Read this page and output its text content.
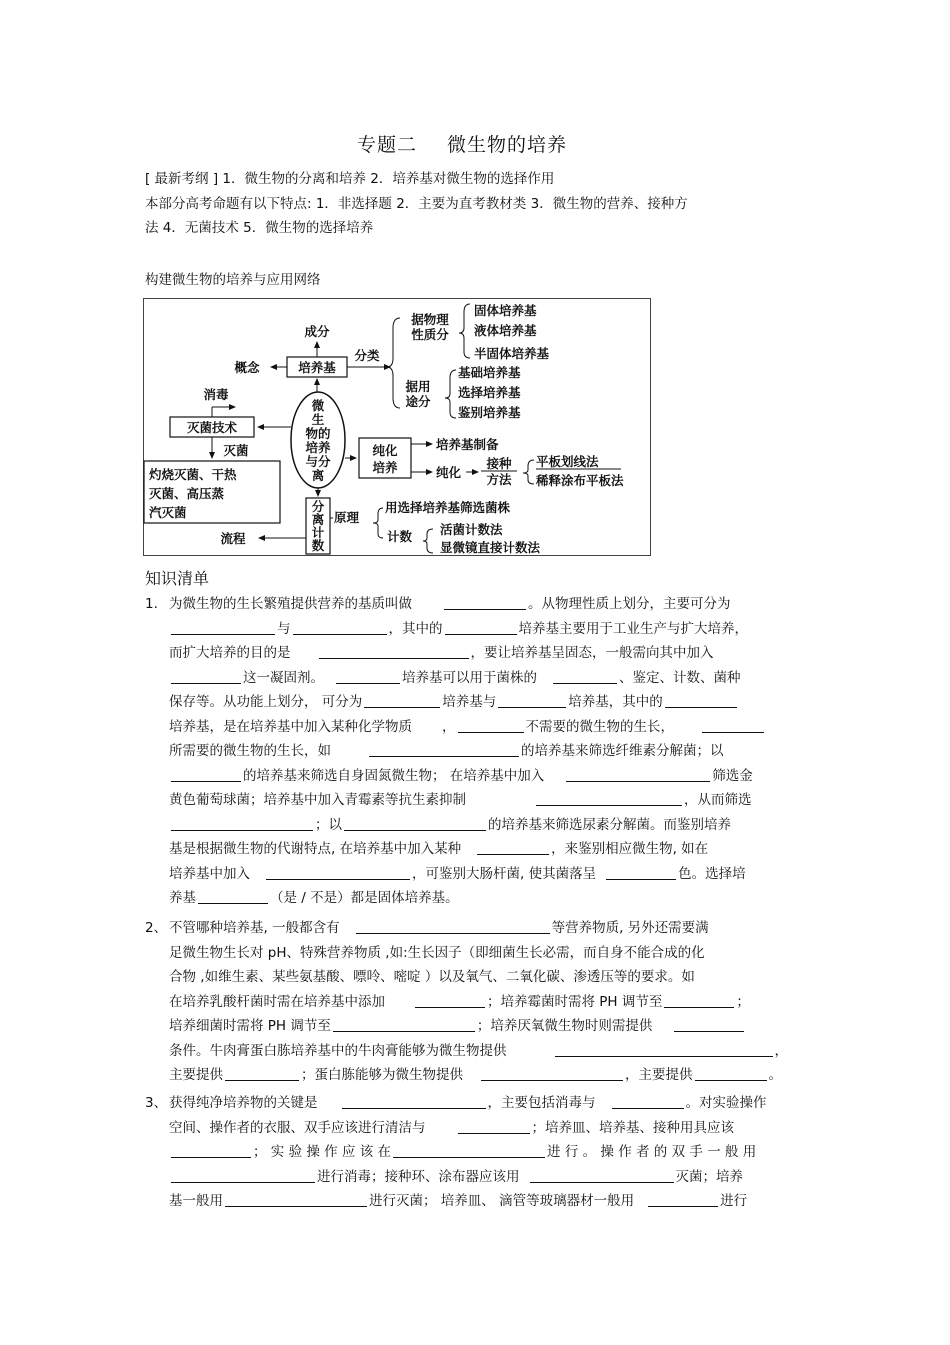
专题二 微生物的培养
[ 最新考纲 ] 1．微生物的分离和培养 2．培养基对微生物的选择作用
本部分高考命题有以下特点: 1．非选择题 2．主要为直考教材类 3．微生物的营养、接种方
法 4．无菌技术 5．微生物的选择培养
构建微生物的培养与应用网络
微
生
物的
培养
与分
离
培养基
成分
概念
分类
据物理
性质分
固体培养基
液体培养基
半固体培养基
据用
途分
基础培养基
选择培养基
鉴别培养基
灭菌技术
消毒
灭菌
灼烧灭菌、干热
灭菌、高压蒸
汽灭菌
纯化
培养
培养基制备
纯化
接种
方法
平板划线法
稀释涂布平板法
分
离
计
数
原理
用选择培养基筛选菌株
计数 活菌计数法
显微镜直接计数法
流程
知识清单
1. 为微生物的生长繁殖提供营养的基质叫做	。从物理性质上划分，主要可分为
与	，其中的	培养基主要用于工业生产与扩大培养，
而扩大培养的目的是	，要让培养基呈固态，一般需向其中加入
这一凝固剂。	培养基可以用于菌株的	、鉴定、计数、菌种
保存等。从功能上划分， 可分为	培养基与	培养基，其中的
培养基，是在培养基中加入某种化学物质 ，	不需要的微生物的生长，
所需要的微生物的生长，如	的培养基来筛选纤维素分解菌；以
的培养基来筛选自身固氮微生物； 在培养基中加入	筛选金
黄色葡萄球菌；培养基中加入青霉素等抗生素抑制	，从而筛选
；以	的培养基来筛选尿素分解菌。而鉴别培养
基是根据微生物的代谢特点, 在培养基中加入某种	，来鉴别相应微生物, 如在
培养基中加入	，可鉴别大肠杆菌, 使其菌落呈	色。选择培
养基	（是 / 不是）都是固体培养基。
2、 不管哪种培养基, 一般都含有	等营养物质, 另外还需要满
足微生物生长对 pH、特殊营养物质 ,如:生长因子（即细菌生长必需，而自身不能合成的化
合物 ,如维生素、某些氨基酸、嘌呤、嘧啶 ）以及氧气、二氧化碳、渗透压等的要求。如
在培养乳酸杆菌时需在培养基中添加	；培养霉菌时需将 PH 调节至	；
培养细菌时需将 PH 调节至	；培养厌氧微生物时则需提供
条件。牛肉膏蛋白胨培养基中的牛肉膏能够为微生物提供	，
主要提供	；蛋白胨能够为微生物提供	，主要提供	。
3、 获得纯净培养物的关键是	，主要包括消毒与	。对实验操作
空间、操作者的衣服、双手应该进行清洁与	；培养皿、培养基、接种用具应该
； 实 验 操 作 应 该 在	进 行 。 操 作 者 的 双 手 一 般 用
进行消毒；接种环、涂布器应该用	灭菌；培养
基一般用	进行灭菌； 培养皿、 滴管等玻璃器材一般用	进行
